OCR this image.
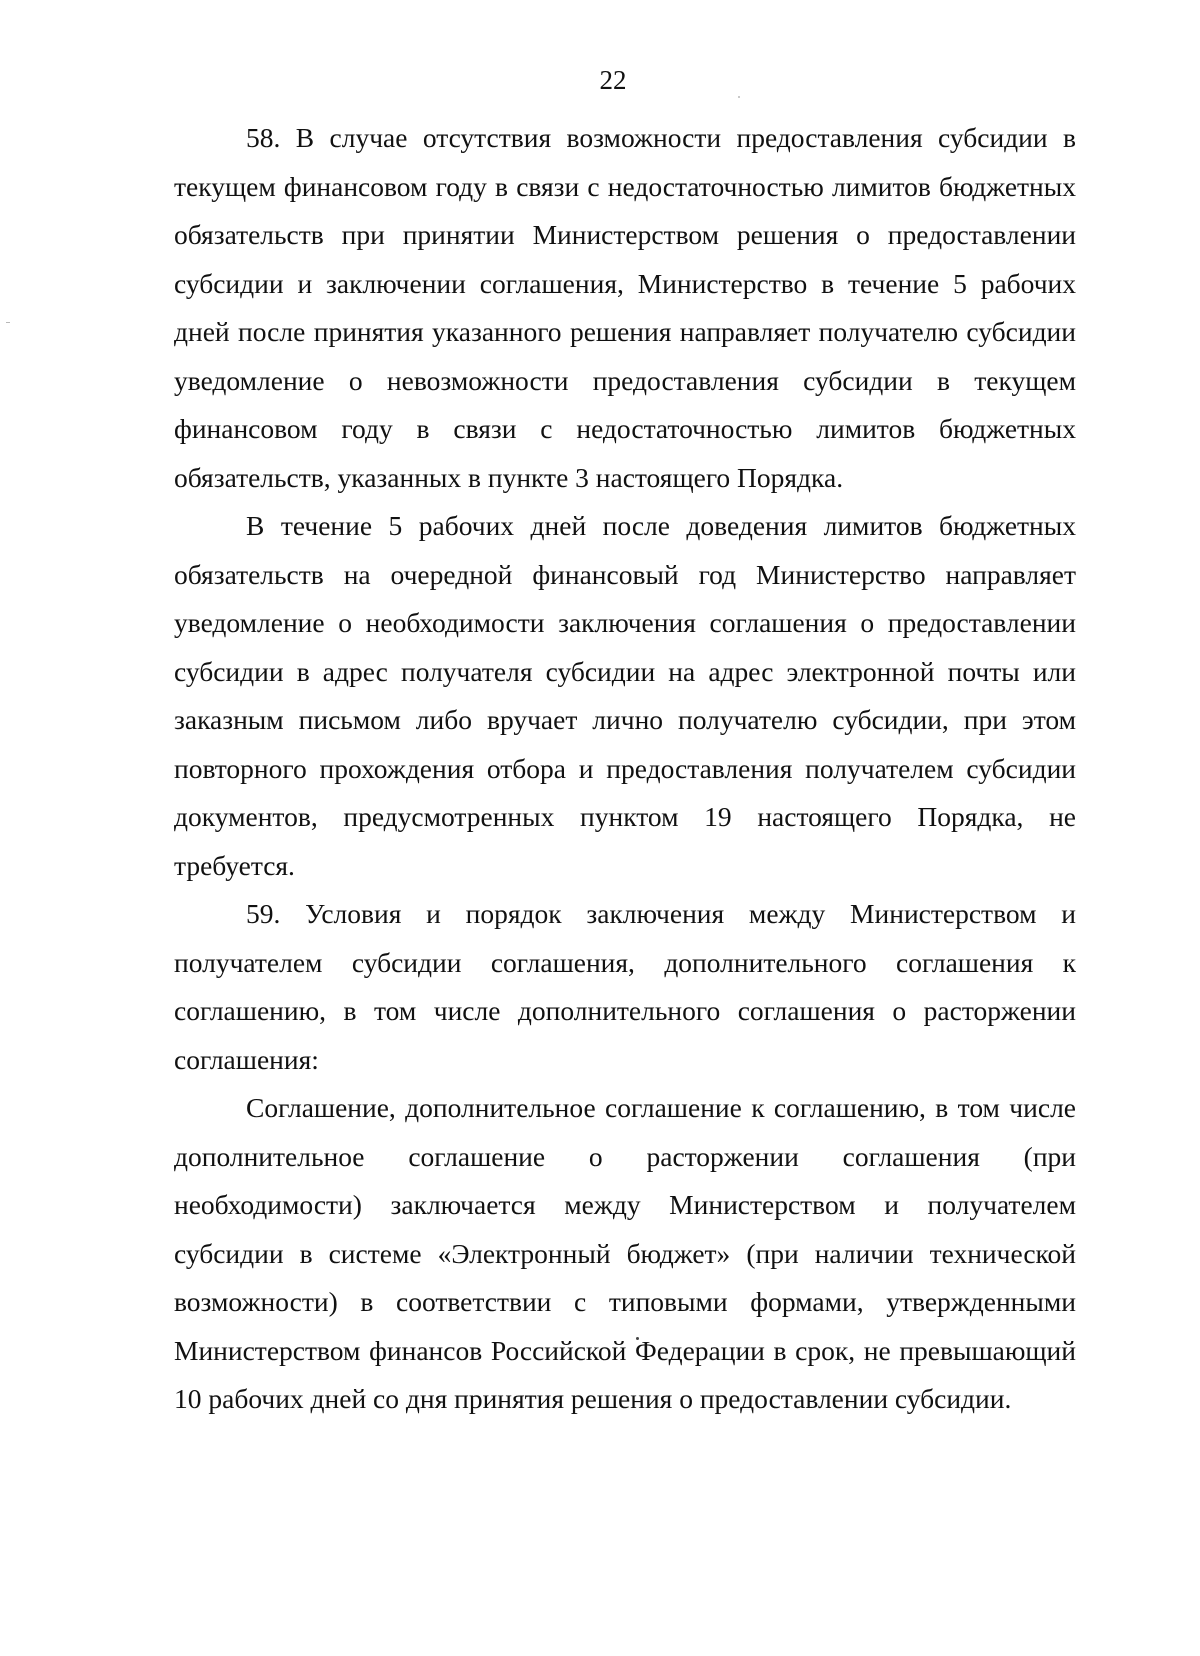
22

58. В случае отсутствия возможности предоставления субсидии в текущем финансовом году в связи с недостаточностью лимитов бюджетных обязательств при принятии Министерством решения о предоставлении субсидии и заключении соглашения, Министерство в течение 5 рабочих дней после принятия указанного решения направляет получателю субсидии уведомление о невозможности предоставления субсидии в текущем финансовом году в связи с недостаточностью лимитов бюджетных обязательств, указанных в пункте 3 настоящего Порядка.

В течение 5 рабочих дней после доведения лимитов бюджетных обязательств на очередной финансовый год Министерство направляет уведомление о необходимости заключения соглашения о предоставлении субсидии в адрес получателя субсидии на адрес электронной почты или заказным письмом либо вручает лично получателю субсидии, при этом повторного прохождения отбора и предоставления получателем субсидии документов, предусмотренных пунктом 19 настоящего Порядка, не требуется.

59. Условия и порядок заключения между Министерством и получателем субсидии соглашения, дополнительного соглашения к соглашению, в том числе дополнительного соглашения о расторжении соглашения:

Соглашение, дополнительное соглашение к соглашению, в том числе дополнительное соглашение о расторжении соглашения (при необходимости) заключается между Министерством и получателем субсидии в системе «Электронный бюджет» (при наличии технической возможности) в соответствии с типовыми формами, утвержденными Министерством финансов Российской Федерации в срок, не превышающий 10 рабочих дней со дня принятия решения о предоставлении субсидии.
